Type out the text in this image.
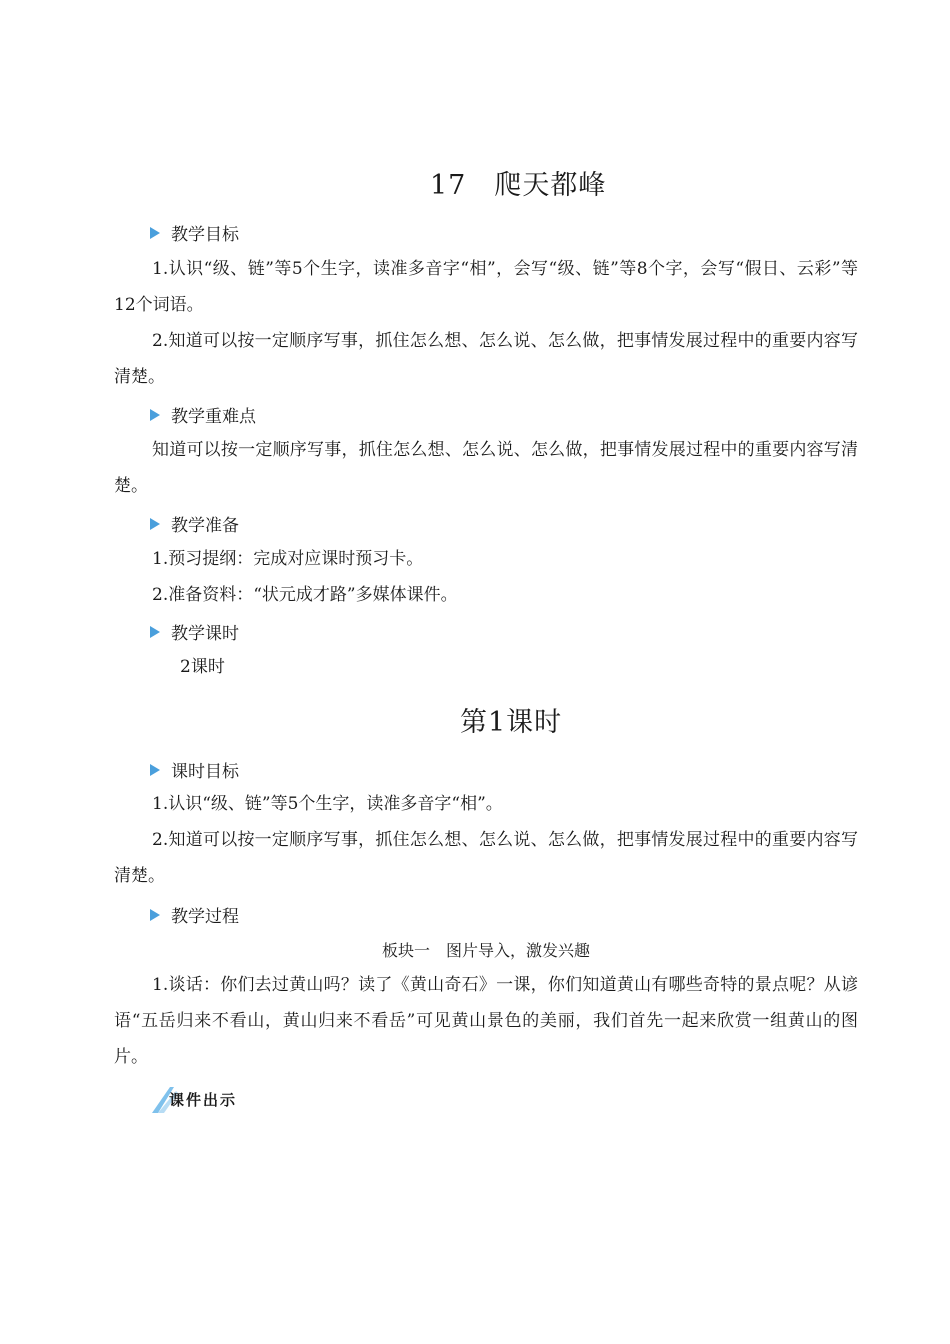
17　爬天都峰
教学目标
1.认识“级、链”等5个生字，读准多音字“相”，会写“级、链”等8个字，会写“假日、云彩”等12个词语。
2.知道可以按一定顺序写事，抓住怎么想、怎么说、怎么做，把事情发展过程中的重要内容写清楚。
教学重难点
知道可以按一定顺序写事，抓住怎么想、怎么说、怎么做，把事情发展过程中的重要内容写清楚。
教学准备
1.预习提纲：完成对应课时预习卡。
2.准备资料：“状元成才路”多媒体课件。
教学课时
2课时
第1课时
课时目标
1.认识“级、链”等5个生字，读准多音字“相”。
2.知道可以按一定顺序写事，抓住怎么想、怎么说、怎么做，把事情发展过程中的重要内容写清楚。
教学过程
板块一　图片导入，激发兴趣
1.谈话：你们去过黄山吗？读了《黄山奇石》一课，你们知道黄山有哪些奇特的景点呢？从谚语“五岳归来不看山，黄山归来不看岳”可见黄山景色的美丽，我们首先一起来欣赏一组黄山的图片。
课件出示
